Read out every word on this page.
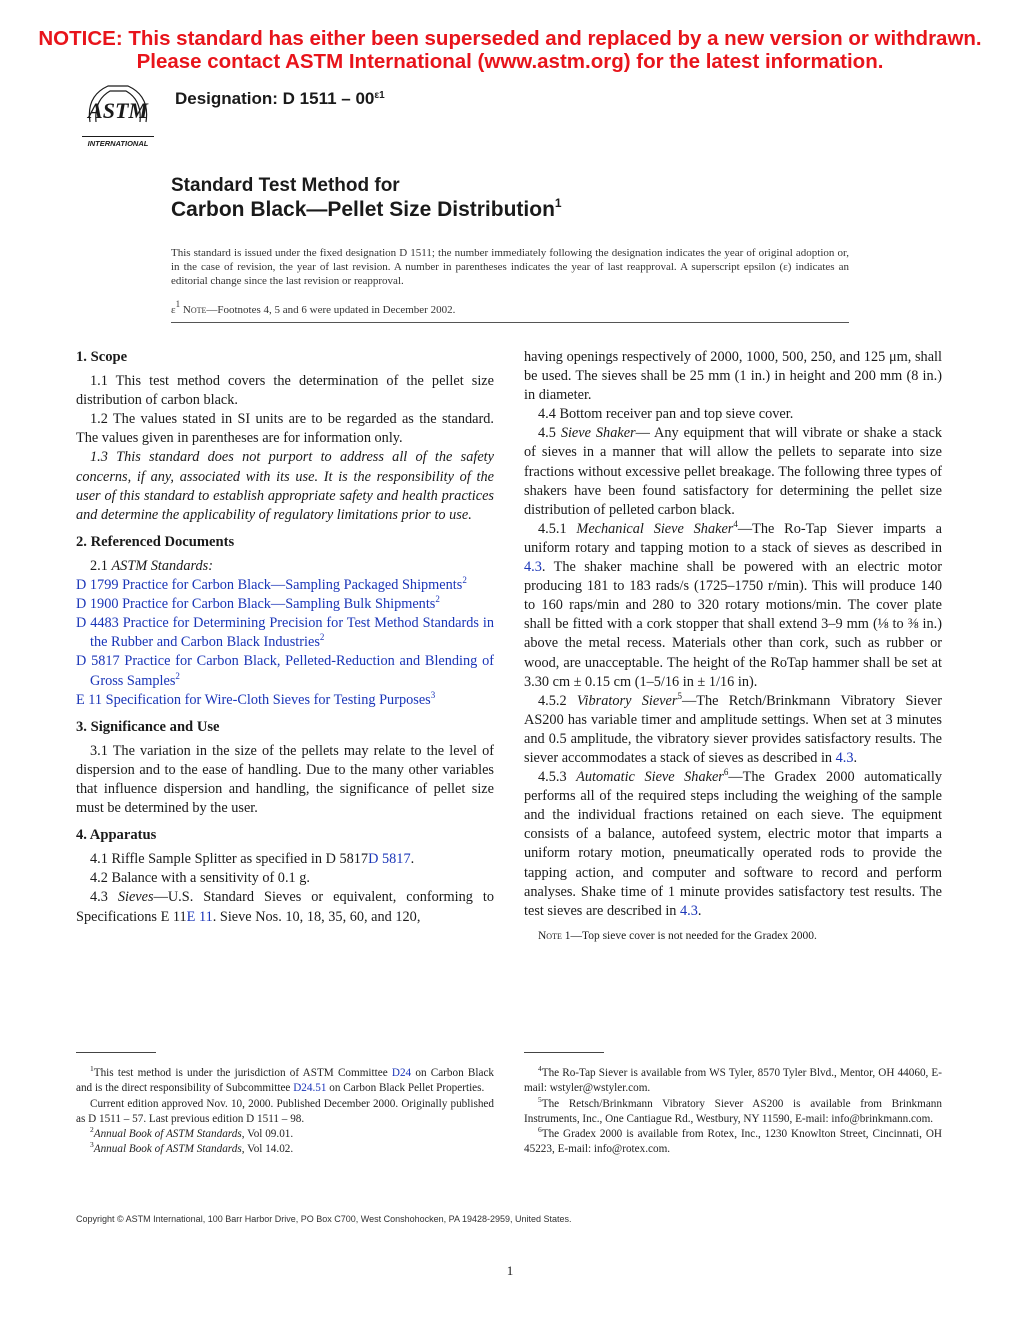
NOTICE: This standard has either been superseded and replaced by a new version or withdrawn.
Please contact ASTM International (www.astm.org) for the latest information.
ASTM
INTERNATIONAL
Designation: D $1511 - 00^{\varepsilon 1}$
Standard Test Method for
Carbon Black—Pellet Size Distribution$^1$
This standard is issued under the fixed designation D 1511; the number immediately following the designation indicates the year of original adoption or, in the case of revision, the year of last revision. A number in parentheses indicates the year of last reapproval. A superscript epsilon (ε) indicates an editorial change since the last revision or reapproval.
$\varepsilon^1$ Note—Footnotes 4, 5 and 6 were updated in December 2002.
1. Scope

1.1 This test method covers the determination of the pellet size distribution of carbon black.

1.2 The values stated in SI units are to be regarded as the standard. The values given in parentheses are for information only.

1.3 This standard does not purport to address all of the safety concerns, if any, associated with its use. It is the responsibility of the user of this standard to establish appropriate safety and health practices and determine the applicability of regulatory limitations prior to use.

2. Referenced Documents

2.1 ASTM Standards:

D 1799 Practice for Carbon Black—Sampling Packaged Shipments$^2$

D 1900 Practice for Carbon Black—Sampling Bulk Shipments$^2$

D 4483 Practice for Determining Precision for Test Method Standards in the Rubber and Carbon Black Industries$^2$

D 5817 Practice for Carbon Black, Pelleted-Reduction and Blending of Gross Samples$^2$

E 11 Specification for Wire-Cloth Sieves for Testing Purposes$^3$

3. Significance and Use

3.1 The variation in the size of the pellets may relate to the level of dispersion and to the ease of handling. Due to the many other variables that influence dispersion and handling, the significance of pellet size must be determined by the user.

4. Apparatus

4.1 Riffle Sample Splitter as specified in D 5817D 5817.

4.2 Balance with a sensitivity of 0.1 g.

4.3 Sieves—U.S. Standard Sieves or equivalent, conforming to Specifications E 11E 11. Sieve Nos. 10, 18, 35, 60, and 120,

having openings respectively of 2000, 1000, 500, 250, and 125 μm, shall be used. The sieves shall be 25 mm (1 in.) in height and 200 mm (8 in.) in diameter.

4.4 Bottom receiver pan and top sieve cover.

4.5 Sieve Shaker— Any equipment that will vibrate or shake a stack of sieves in a manner that will allow the pellets to separate into size fractions without excessive pellet breakage. The following three types of shakers have been found satisfactory for determining the pellet size distribution of pelleted carbon black.

4.5.1 Mechanical Sieve Shaker$^4$—The Ro-Tap Siever imparts a uniform rotary and tapping motion to a stack of sieves as described in 4.3. The shaker machine shall be powered with an electric motor producing 181 to 183 rads/s (1725–1750 r/min). This will produce 140 to 160 raps/min and 280 to 320 rotary motions/min. The cover plate shall be fitted with a cork stopper that shall extend 3–9 mm (⅛ to ⅜ in.) above the metal recess. Materials other than cork, such as rubber or wood, are unacceptable. The height of the RoTap hammer shall be set at 3.30 cm ± 0.15 cm (1–5/16 in ± 1/16 in).

4.5.2 Vibratory Siever$^5$—The Retch/Brinkmann Vibratory Siever AS200 has variable timer and amplitude settings. When set at 3 minutes and 0.5 amplitude, the vibratory siever provides satisfactory results. The siever accommodates a stack of sieves as described in 4.3.

4.5.3 Automatic Sieve Shaker$^6$—The Gradex 2000 automatically performs all of the required steps including the weighing of the sample and the individual fractions retained on each sieve. The equipment consists of a balance, autofeed system, electric motor that imparts a uniform rotary motion, pneumatically operated rods to provide the tapping action, and computer and software to record and perform analyses. Shake time of 1 minute provides satisfactory test results. The test sieves are described in 4.3.

Note 1—Top sieve cover is not needed for the Gradex 2000.

$^1$This test method is under the jurisdiction of ASTM Committee D24 on Carbon Black and is the direct responsibility of Subcommittee D24.51 on Carbon Black Pellet Properties.

Current edition approved Nov. 10, 2000. Published December 2000. Originally published as D 1511 – 57. Last previous edition D 1511 – 98.

$^2$Annual Book of ASTM Standards, Vol 09.01.

$^3$Annual Book of ASTM Standards, Vol 14.02.

$^4$The Ro-Tap Siever is available from WS Tyler, 8570 Tyler Blvd., Mentor, OH 44060, E-mail: wstyler@wstyler.com.

$^5$The Retsch/Brinkmann Vibratory Siever AS200 is available from Brinkmann Instruments, Inc., One Cantiague Rd., Westbury, NY 11590, E-mail: info@brinkmann.com.

$^6$The Gradex 2000 is available from Rotex, Inc., 1230 Knowlton Street, Cincinnati, OH 45223, E-mail: info@rotex.com.

Copyright © ASTM International, 100 Barr Harbor Drive, PO Box C700, West Conshohocken, PA 19428-2959, United States.
1
